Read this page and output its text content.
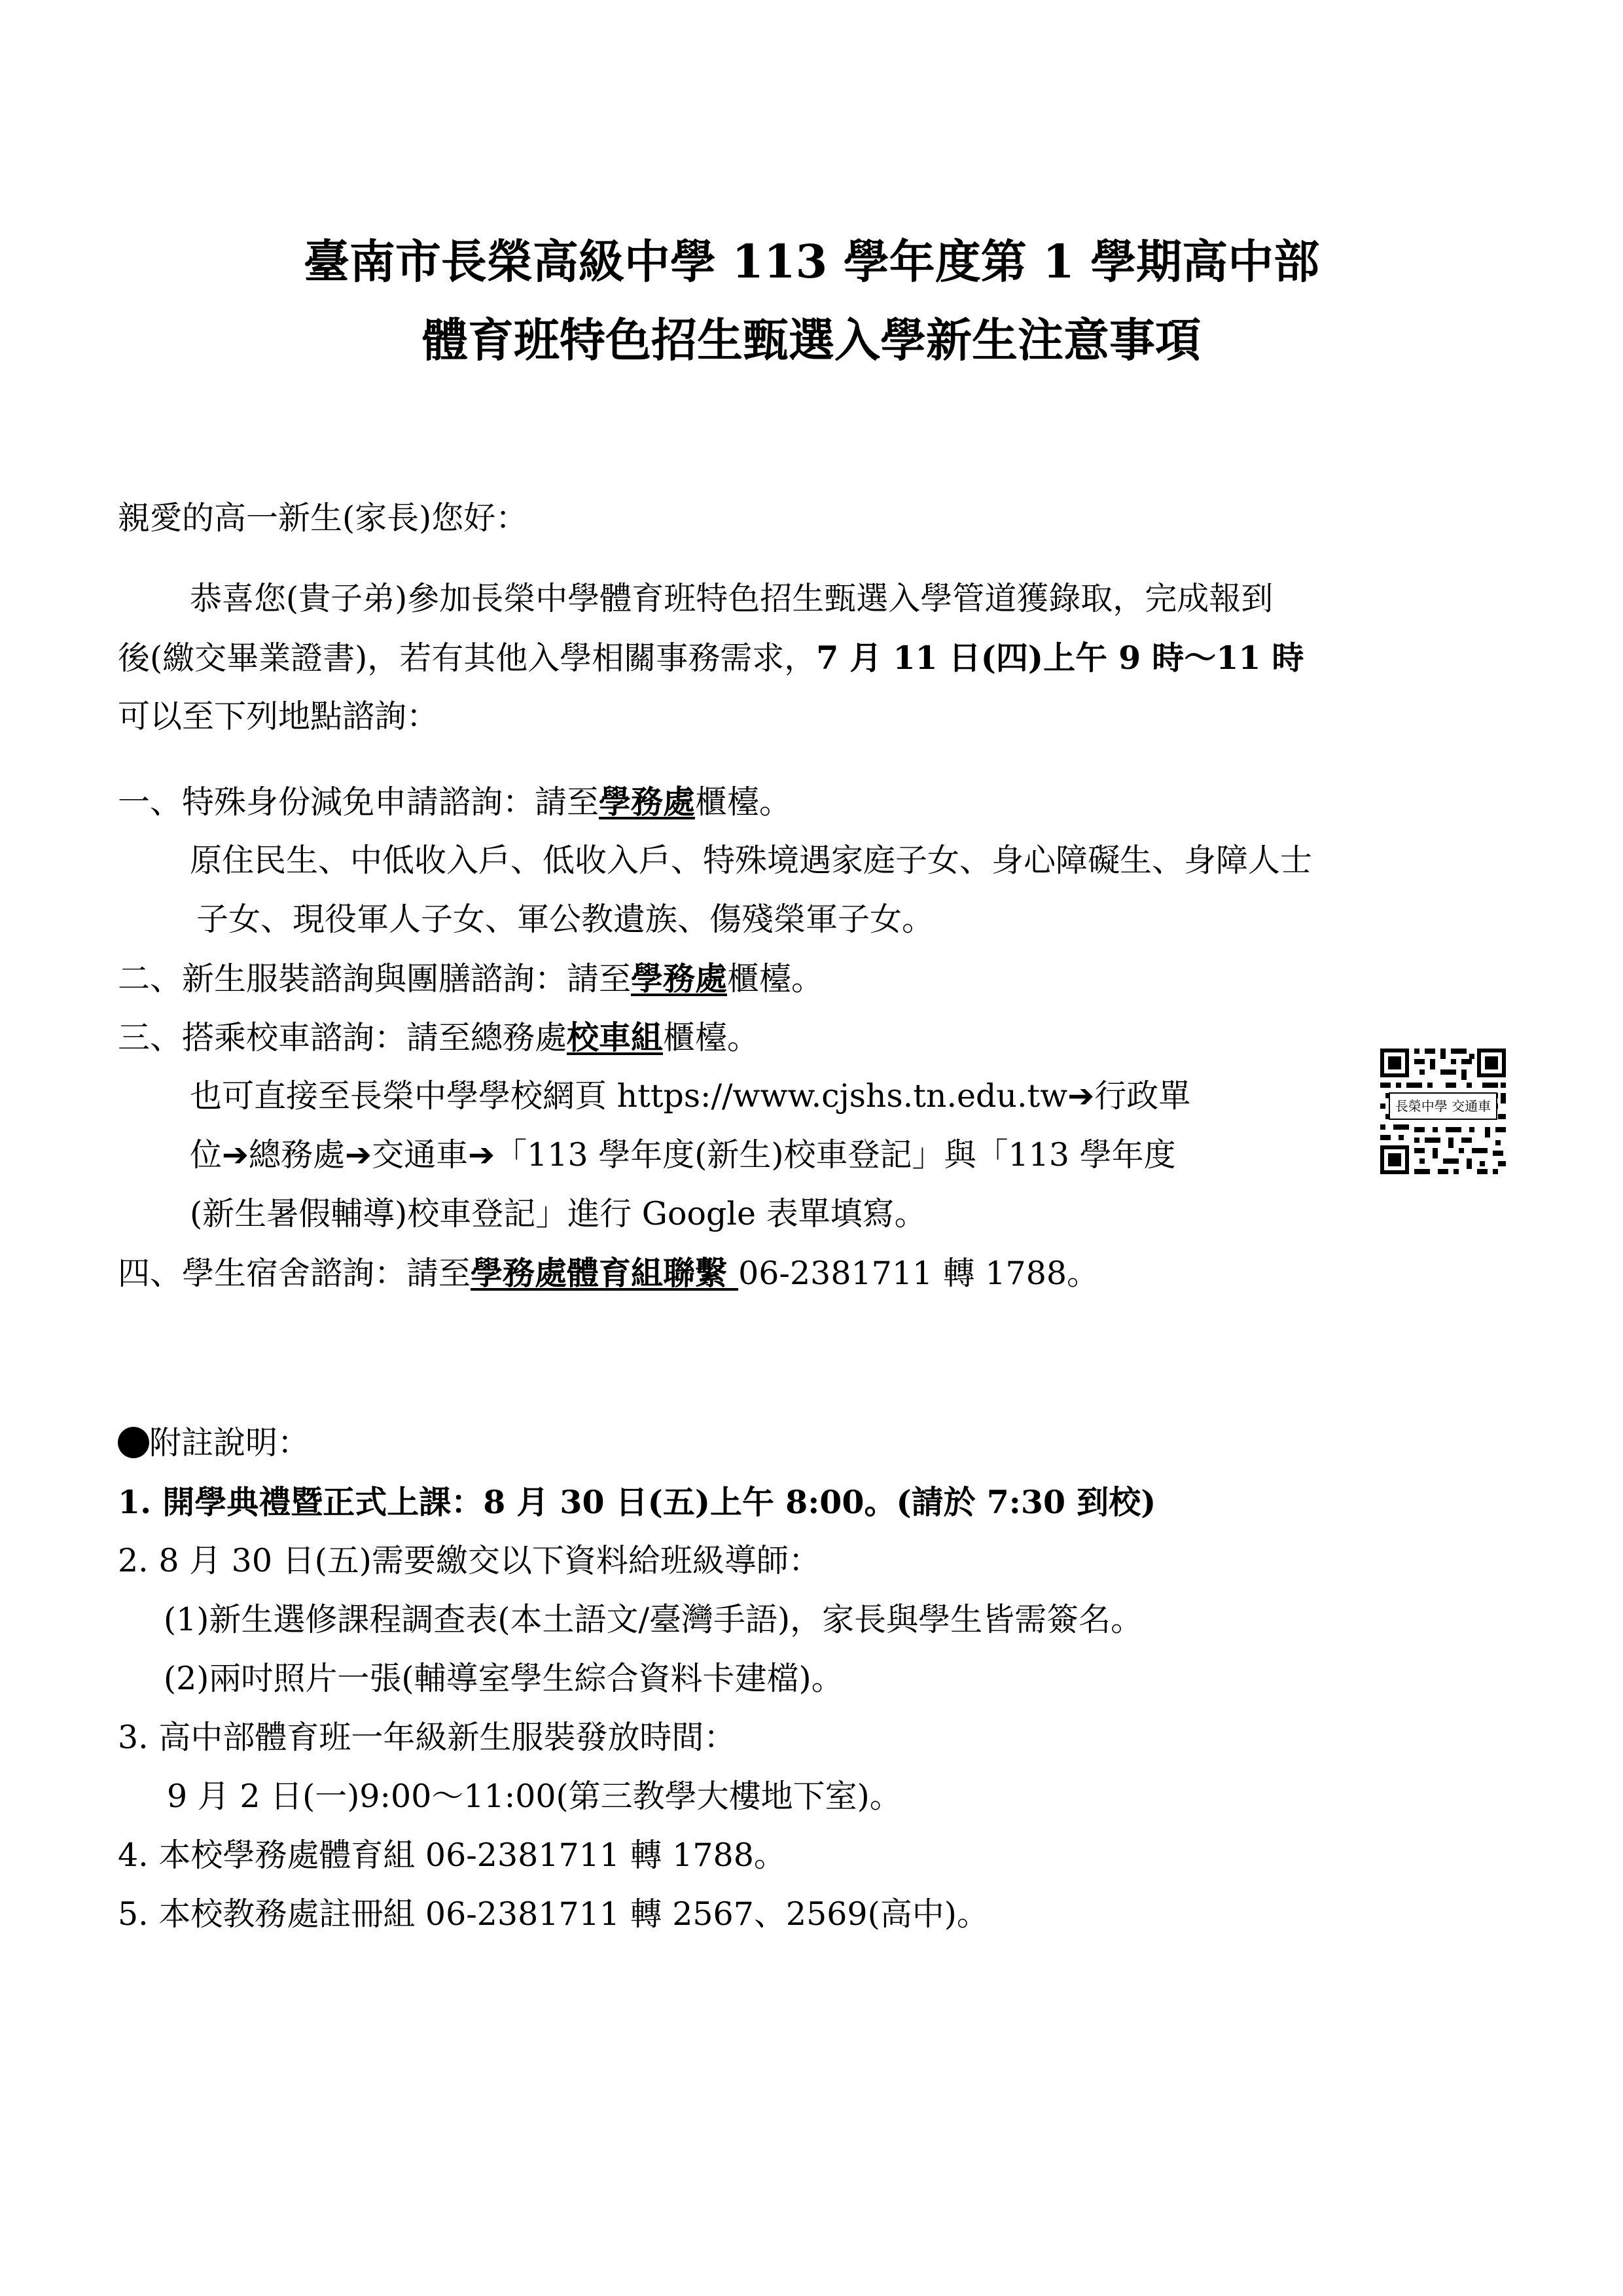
臺南市長榮高級中學 113 學年度第 1 學期高中部
體育班特色招生甄選入學新生注意事項
親愛的高一新生(家長)您好：
恭喜您(貴子弟)參加長榮中學體育班特色招生甄選入學管道獲錄取，完成報到
後(繳交畢業證書)，若有其他入學相關事務需求，7 月 11 日(四)上午 9 時～11 時
可以至下列地點諮詢：
一、特殊身份減免申請諮詢：請至學務處櫃檯。
原住民生、中低收入戶、低收入戶、特殊境遇家庭子女、身心障礙生、身障人士
子女、現役軍人子女、軍公教遺族、傷殘榮軍子女。
二、新生服裝諮詢與團膳諮詢：請至學務處櫃檯。
三、搭乘校車諮詢：請至總務處校車組櫃檯。
也可直接至長榮中學學校網頁 https://www.cjshs.tn.edu.tw➔行政單
位➔總務處➔交通車➔「113 學年度(新生)校車登記」與「113 學年度
(新生暑假輔導)校車登記」進行 Google 表單填寫。
長榮中學 交通車
四、學生宿舍諮詢：請至學務處體育組聯繫 06-2381711 轉 1788。
附註說明：
1. 開學典禮暨正式上課：8 月 30 日(五)上午 8:00。(請於 7:30 到校)
2. 8 月 30 日(五)需要繳交以下資料給班級導師：
(1)新生選修課程調查表(本土語文/臺灣手語)，家長與學生皆需簽名。
(2)兩吋照片一張(輔導室學生綜合資料卡建檔)。
3. 高中部體育班一年級新生服裝發放時間：
9 月 2 日(一)9:00～11:00(第三教學大樓地下室)。
4. 本校學務處體育組 06-2381711 轉 1788。
5. 本校教務處註冊組 06-2381711 轉 2567、2569(高中)。
